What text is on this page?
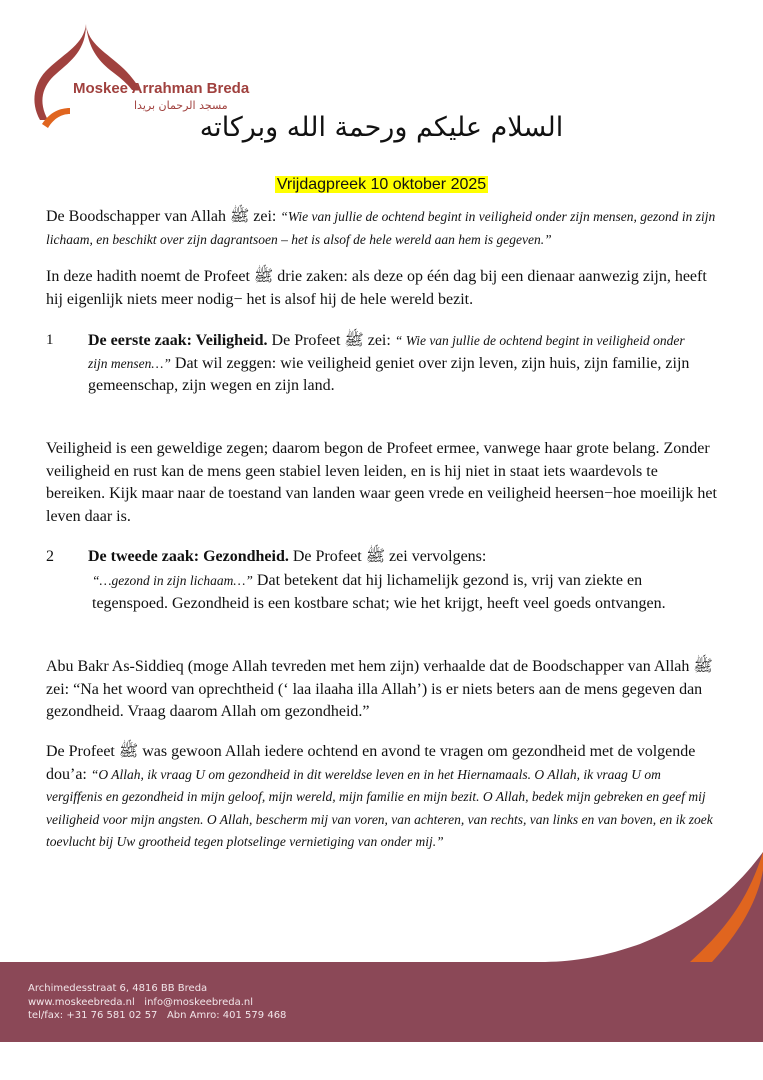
Moskee Arrahman Breda
مسجد الرحمان بريدا
السلام عليكم ورحمة الله وبركاته
Vrijdagpreek 10 oktober 2025
De Boodschapper van Allah ﷺ zei: “Wie van jullie de ochtend begint in veiligheid onder zijn mensen, gezond in zijn lichaam, en beschikt over zijn dagrantsoen – het is alsof de hele wereld aan hem is gegeven.”
In deze hadith noemt de Profeet ﷺ drie zaken: als deze op één dag bij een dienaar aanwezig zijn, heeft hij eigenlijk niets meer nodig− het is alsof hij de hele wereld bezit.
1 De eerste zaak: Veiligheid. De Profeet ﷺ zei: “ Wie van jullie de ochtend begint in veiligheid onder zijn mensen…” Dat wil zeggen: wie veiligheid geniet over zijn leven, zijn huis, zijn familie, zijn gemeenschap, zijn wegen en zijn land.
Veiligheid is een geweldige zegen; daarom begon de Profeet ermee, vanwege haar grote belang. Zonder veiligheid en rust kan de mens geen stabiel leven leiden, en is hij niet in staat iets waardevols te bereiken. Kijk maar naar de toestand van landen waar geen vrede en veiligheid heersen−hoe moeilijk het leven daar is.
2 De tweede zaak: Gezondheid. De Profeet ﷺ zei vervolgens:
“…gezond in zijn lichaam…” Dat betekent dat hij lichamelijk gezond is, vrij van ziekte en tegenspoed. Gezondheid is een kostbare schat; wie het krijgt, heeft veel goeds ontvangen.
Abu Bakr As-Siddieq (moge Allah tevreden met hem zijn) verhaalde dat de Boodschapper van Allah ﷺ zei: “Na het woord van oprechtheid (‘ laa ilaaha illa Allah’) is er niets beters aan de mens gegeven dan gezondheid. Vraag daarom Allah om gezondheid.”
De Profeet ﷺ was gewoon Allah iedere ochtend en avond te vragen om gezondheid met de volgende dou’a: “O Allah, ik vraag U om gezondheid in dit wereldse leven en in het Hiernamaals. O Allah, ik vraag U om vergiffenis en gezondheid in mijn geloof, mijn wereld, mijn familie en mijn bezit. O Allah, bedek mijn gebreken en geef mij veiligheid voor mijn angsten. O Allah, bescherm mij van voren, van achteren, van rechts, van links en van boven, en ik zoek toevlucht bij Uw grootheid tegen plotselinge vernietiging van onder mij.”
Archimedesstraat 6, 4816 BB Breda
www.moskeebreda.nl   info@moskeebreda.nl
tel/fax: +31 76 581 02 57   Abn Amro: 401 579 468
